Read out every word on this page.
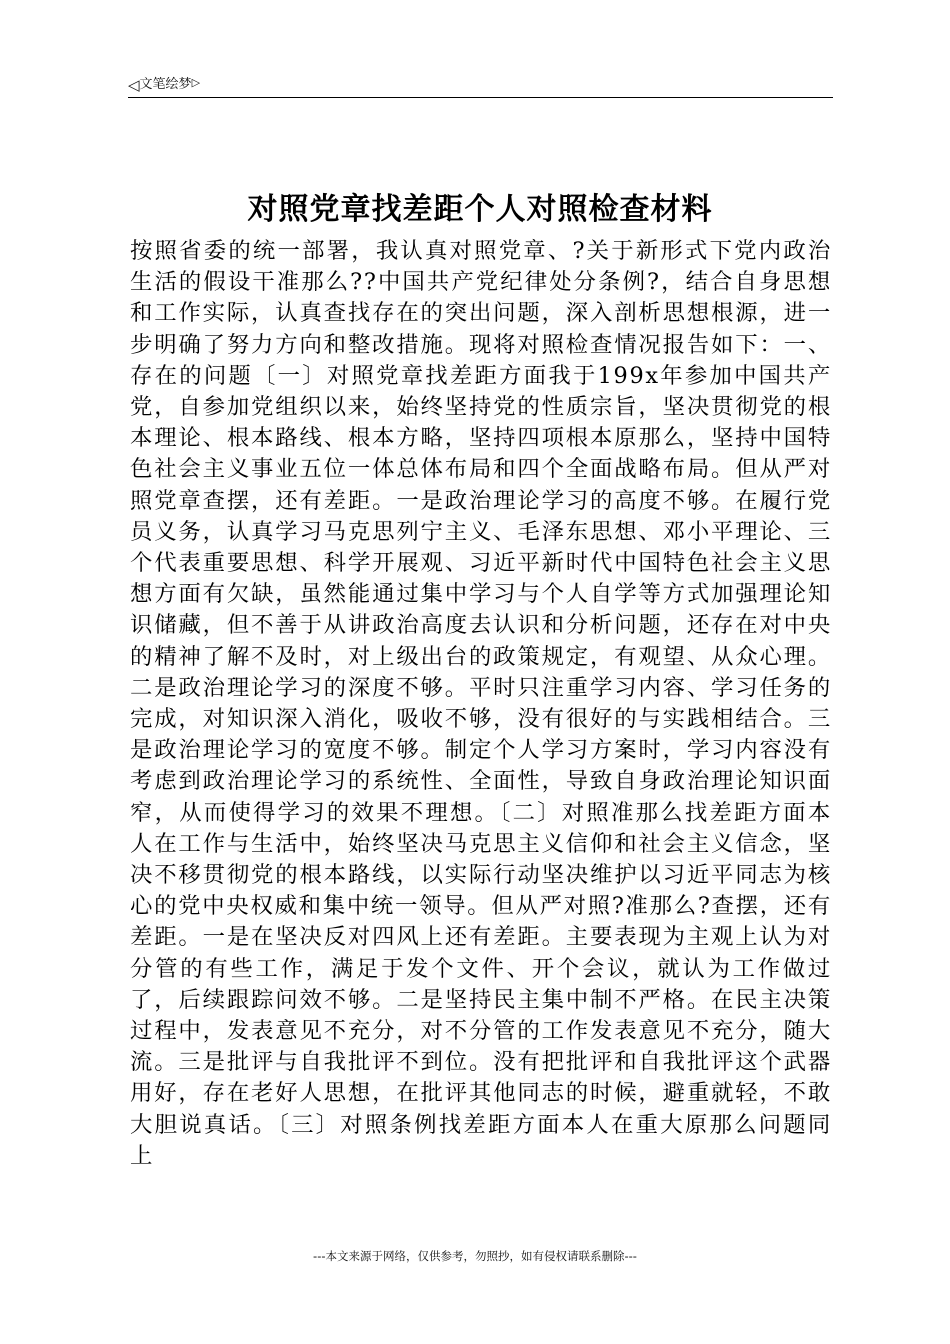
◁文笔绘梦▷
对照党章找差距个人对照检查材料

按照省委的统一部署，我认真对照党章、?关于新形式下党内政治生活的假设干准那么??中国共产党纪律处分条例?，结合自身思想和工作实际，认真查找存在的突出问题，深入剖析思想根源，进一步明确了努力方向和整改措施。现将对照检查情况报告如下：一、存在的问题〔一〕对照党章找差距方面我于199x年参加中国共产党，自参加党组织以来，始终坚持党的性质宗旨，坚决贯彻党的根本理论、根本路线、根本方略，坚持四项根本原那么，坚持中国特色社会主义事业五位一体总体布局和四个全面战略布局。但从严对照党章查摆，还有差距。一是政治理论学习的高度不够。在履行党员义务，认真学习马克思列宁主义、毛泽东思想、邓小平理论、三个代表重要思想、科学开展观、习近平新时代中国特色社会主义思想方面有欠缺，虽然能通过集中学习与个人自学等方式加强理论知识储藏，但不善于从讲政治高度去认识和分析问题，还存在对中央的精神了解不及时，对上级出台的政策规定，有观望、从众心理。二是政治理论学习的深度不够。平时只注重学习内容、学习任务的完成，对知识深入消化，吸收不够，没有很好的与实践相结合。三是政治理论学习的宽度不够。制定个人学习方案时，学习内容没有考虑到政治理论学习的系统性、全面性，导致自身政治理论知识面窄，从而使得学习的效果不理想。〔二〕对照准那么找差距方面本人在工作与生活中，始终坚决马克思主义信仰和社会主义信念，坚决不移贯彻党的根本路线，以实际行动坚决维护以习近平同志为核心的党中央权威和集中统一领导。但从严对照?准那么?查摆，还有差距。一是在坚决反对四风上还有差距。主要表现为主观上认为对分管的有些工作，满足于发个文件、开个会议，就认为工作做过了，后续跟踪问效不够。二是坚持民主集中制不严格。在民主决策过程中，发表意见不充分，对不分管的工作发表意见不充分，随大流。三是批评与自我批评不到位。没有把批评和自我批评这个武器用好，存在老好人思想，在批评其他同志的时候，避重就轻，不敢大胆说真话。〔三〕对照条例找差距方面本人在重大原那么问题同上

---本文来源于网络，仅供参考，勿照抄，如有侵权请联系删除---
